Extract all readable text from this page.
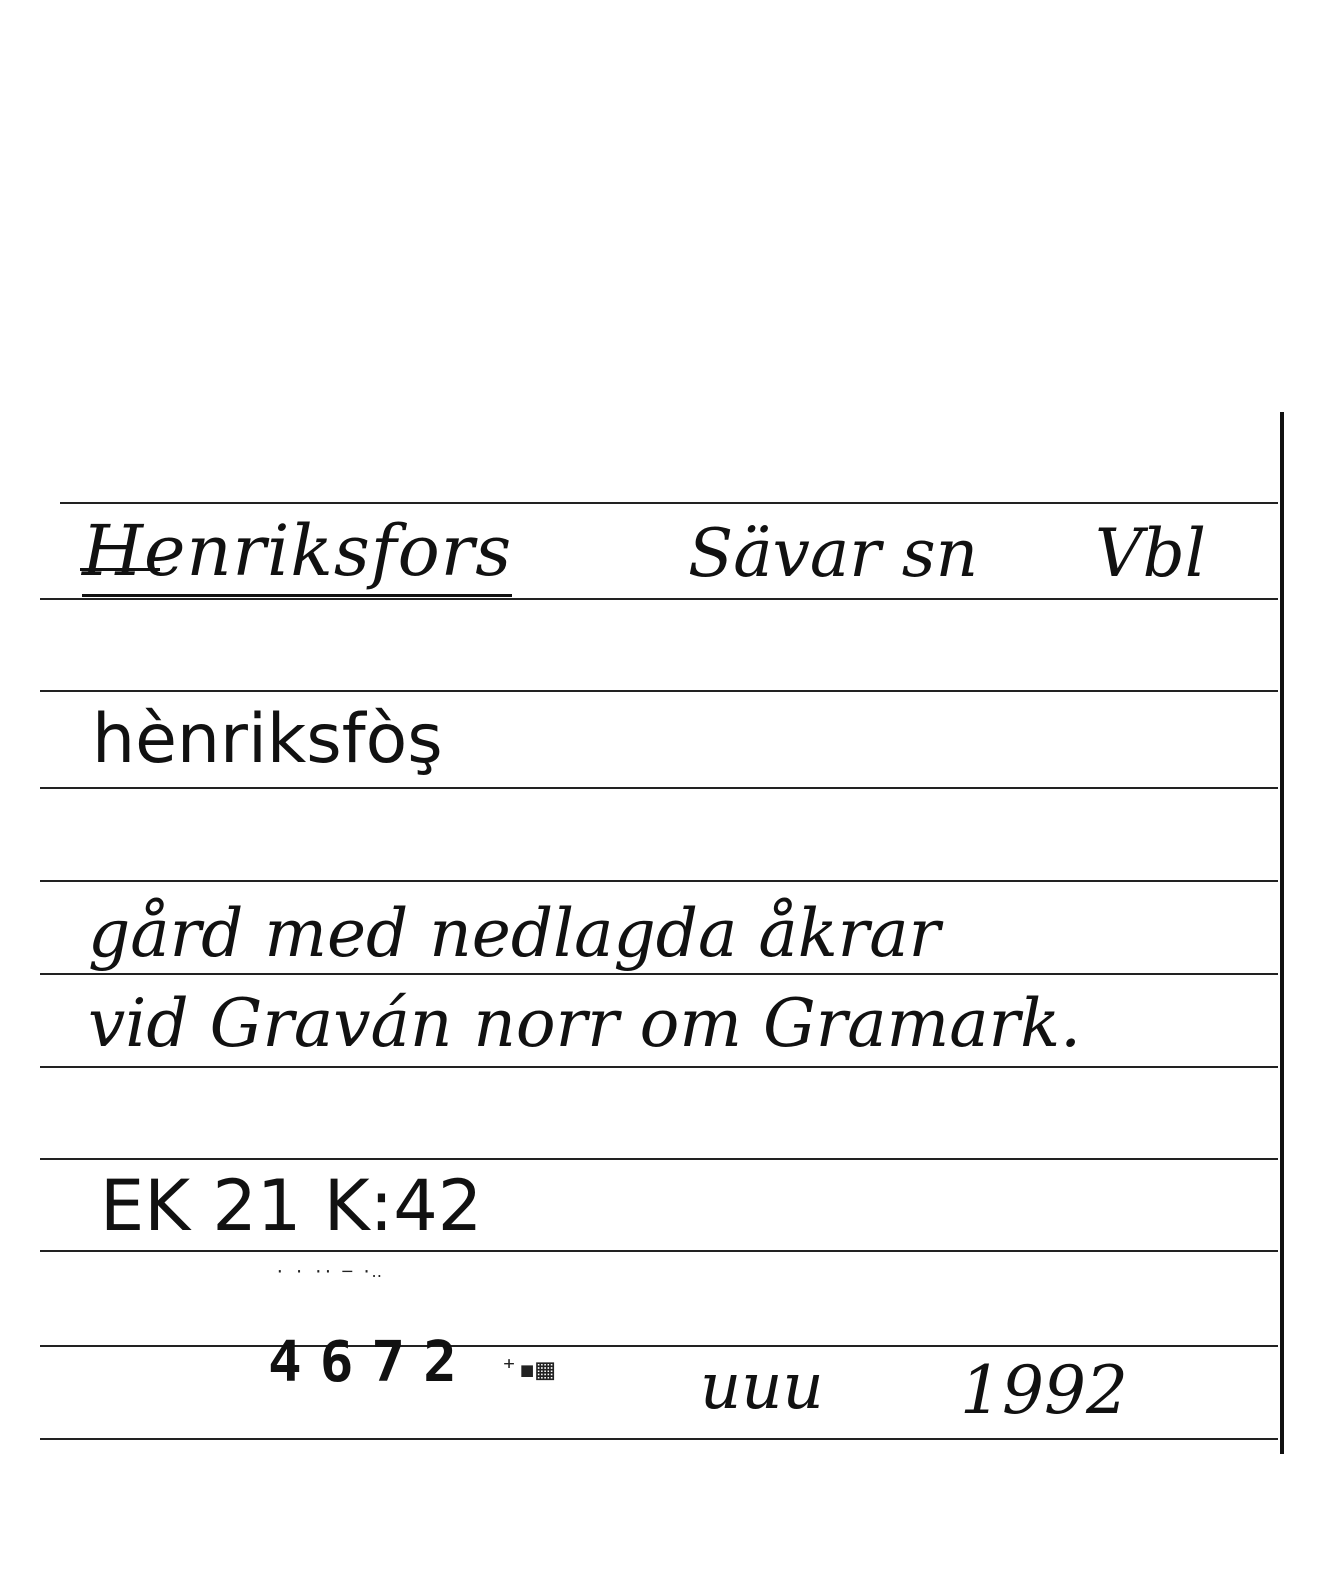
Henriksfors	Sävar sn Vbl
hènriksfòş
gård med nedlagda åkrar
vid Graván norr om Gramark.
EK 21 K:42
· · ·· ─ ·‥
4672 ⁺▪▦ uuu 1992
